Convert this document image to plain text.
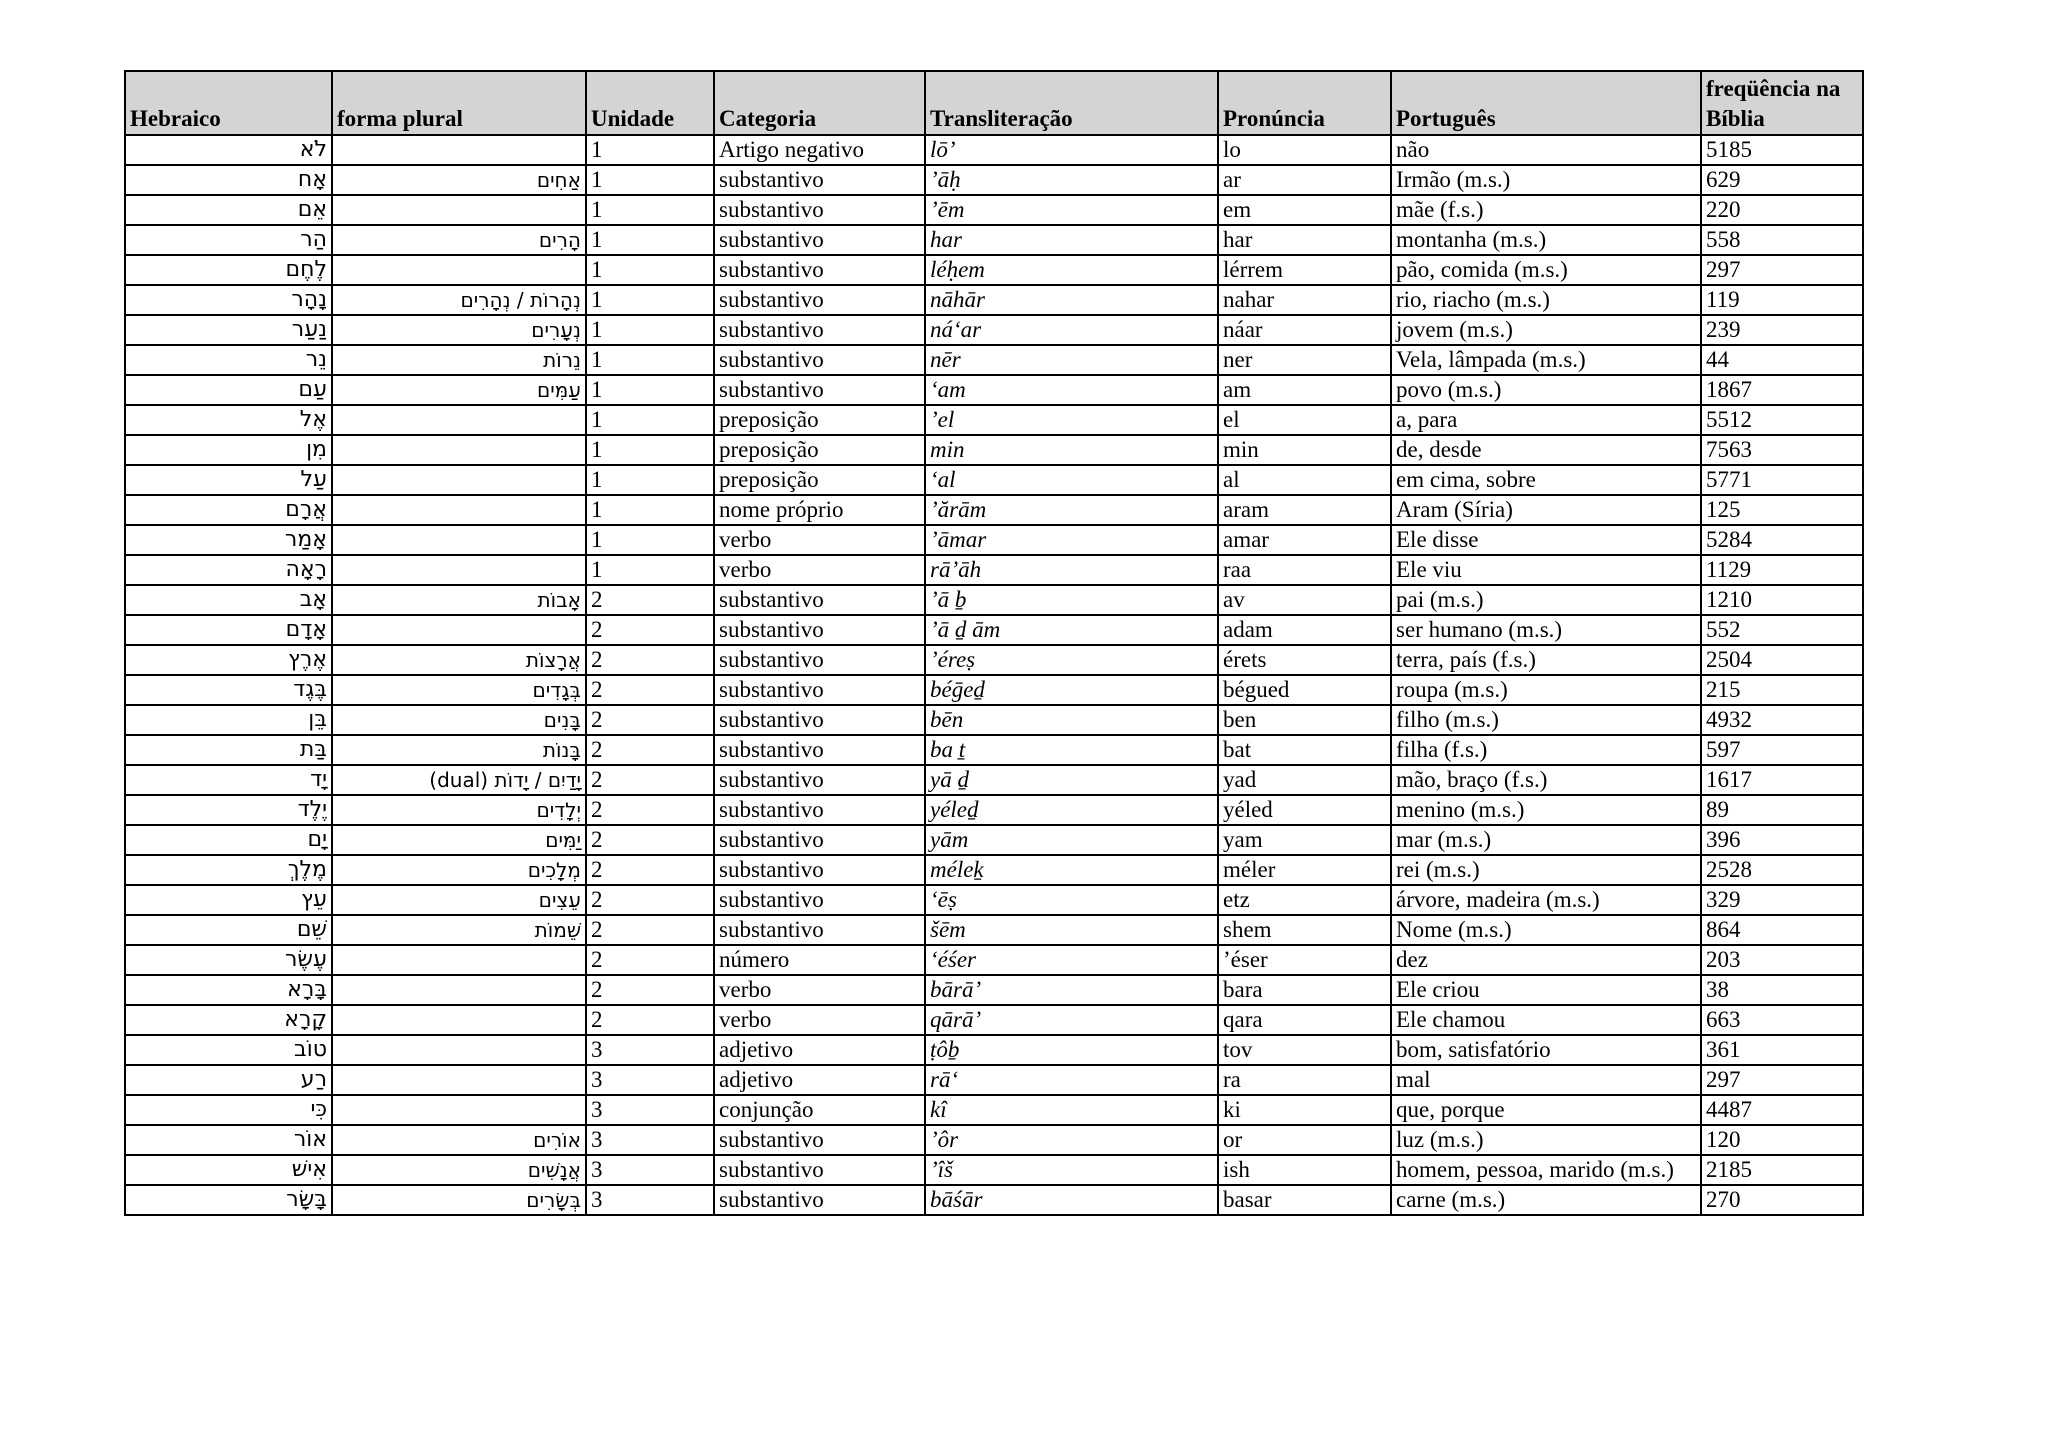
Hebraico	forma plural	Unidade	Categoria	Transliteração	Pronúncia	Português	freqüência na Bíblia
לֹא		1	Artigo negativo	lōʼ	lo	não	5185
אָח	אַחִים	1	substantivo	ʼāḥ	ar	Irmão (m.s.)	629
אֵם		1	substantivo	ʼēm	em	mãe (f.s.)	220
הַר	הָרִים	1	substantivo	har	har	montanha (m.s.)	558
לֶחֶם		1	substantivo	léḥem	lérrem	pão, comida (m.s.)	297
נָהָר	נְהָרוֹת / נְהָרִים	1	substantivo	nāhār	nahar	rio, riacho (m.s.)	119
נַעַר	נְעָרִים	1	substantivo	náʻar	náar	jovem (m.s.)	239
נֵר	נֵרוֹת	1	substantivo	nēr	ner	Vela, lâmpada (m.s.)	44
עַם	עַמִּים	1	substantivo	ʻam	am	povo (m.s.)	1867
אֶל		1	preposição	ʼel	el	a, para	5512
מִן		1	preposição	min	min	de, desde	7563
עַל		1	preposição	ʻal	al	em cima, sobre	5771
אֲרָם		1	nome próprio	ʼărām	aram	Aram (Síria)	125
אָמַר		1	verbo	ʼāmar	amar	Ele disse	5284
רָאָה		1	verbo	rāʼāh	raa	Ele viu	1129
אָב	אָבוֹת	2	substantivo	ʼā ḇ	av	pai (m.s.)	1210
אָדָם		2	substantivo	ʼā ḏ ām	adam	ser humano (m.s.)	552
אֶרֶץ	אֲרָצוֹת	2	substantivo	ʼéreṣ	érets	terra, país (f.s.)	2504
בֶּגֶד	בְּגָדִים	2	substantivo	béḡeḏ	bégued	roupa (m.s.)	215
בֵּן	בָּנִים	2	substantivo	bēn	ben	filho (m.s.)	4932
בַּת	בָּנוֹת	2	substantivo	ba ṯ	bat	filha (f.s.)	597
יָד	יָדַיִם / יָדוֹת (dual)	2	substantivo	yā ḏ	yad	mão, braço (f.s.)	1617
יֶלֶד	יְלָדִים	2	substantivo	yéleḏ	yéled	menino (m.s.)	89
יָם	יַמִּים	2	substantivo	yām	yam	mar (m.s.)	396
מֶלֶךְ	מְלָכִים	2	substantivo	méleḵ	méler	rei (m.s.)	2528
עֵץ	עֵצִים	2	substantivo	ʻēṣ	etz	árvore, madeira (m.s.)	329
שֵׁם	שֵׁמוֹת	2	substantivo	šēm	shem	Nome (m.s.)	864
עֶשֶׂר		2	número	ʻéśer	ʼéser	dez	203
בָּרָא		2	verbo	bārāʼ	bara	Ele criou	38
קָרָא		2	verbo	qārāʼ	qara	Ele chamou	663
טוֹב		3	adjetivo	ṭôḇ	tov	bom, satisfatório	361
רַע		3	adjetivo	rāʻ	ra	mal	297
כִּי		3	conjunção	kî	ki	que, porque	4487
אוֹר	אוֹרִים	3	substantivo	ʼôr	or	luz (m.s.)	120
אִישׁ	אֲנָשִׁים	3	substantivo	ʼîš	ish	homem, pessoa, marido (m.s.)	2185
בָּשָׂר	בְּשָׂרִים	3	substantivo	bāśār	basar	carne (m.s.)	270
